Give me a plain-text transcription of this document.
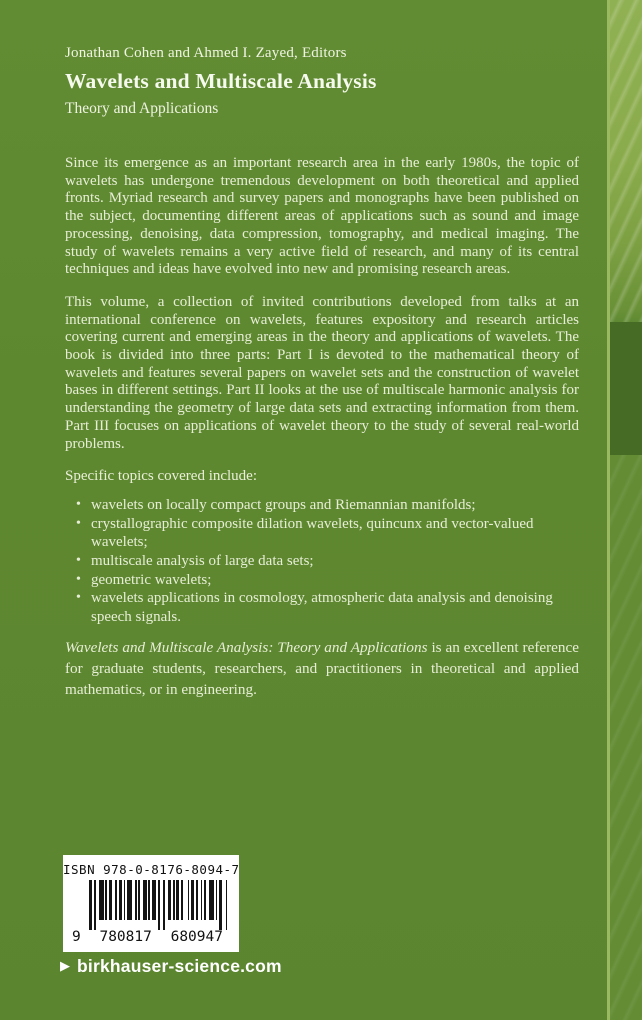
Jonathan Cohen and Ahmed I. Zayed, Editors
Wavelets and Multiscale Analysis
Theory and Applications

Since its emergence as an important research area in the early 1980s, the topic of wavelets has undergone tremendous development on both theoretical and applied fronts. Myriad research and survey papers and monographs have been published on the subject, documenting different areas of applications such as sound and image processing, denoising, data compression, tomography, and medical imaging. The study of wavelets remains a very active field of research, and many of its central techniques and ideas have evolved into new and promising research areas.

This volume, a collection of invited contributions developed from talks at an international conference on wavelets, features expository and research articles covering current and emerging areas in the theory and applications of wavelets. The book is divided into three parts: Part I is devoted to the mathematical theory of wavelets and features several papers on wavelet sets and the construction of wavelet bases in different settings. Part II looks at the use of multiscale harmonic analysis for understanding the geometry of large data sets and extracting information from them. Part III focuses on applications of wavelet theory to the study of several real-world problems.

Specific topics covered include:
• wavelets on locally compact groups and Riemannian manifolds;
• crystallographic composite dilation wavelets, quincunx and vector-valued wavelets;
• multiscale analysis of large data sets;
• geometric wavelets;
• wavelets applications in cosmology, atmospheric data analysis and denoising speech signals.

Wavelets and Multiscale Analysis: Theory and Applications is an excellent reference for graduate students, researchers, and practitioners in theoretical and applied mathematics, or in engineering.

ISBN 978-0-8176-8094-7
9 780817 680947
▶ birkhauser-science.com
